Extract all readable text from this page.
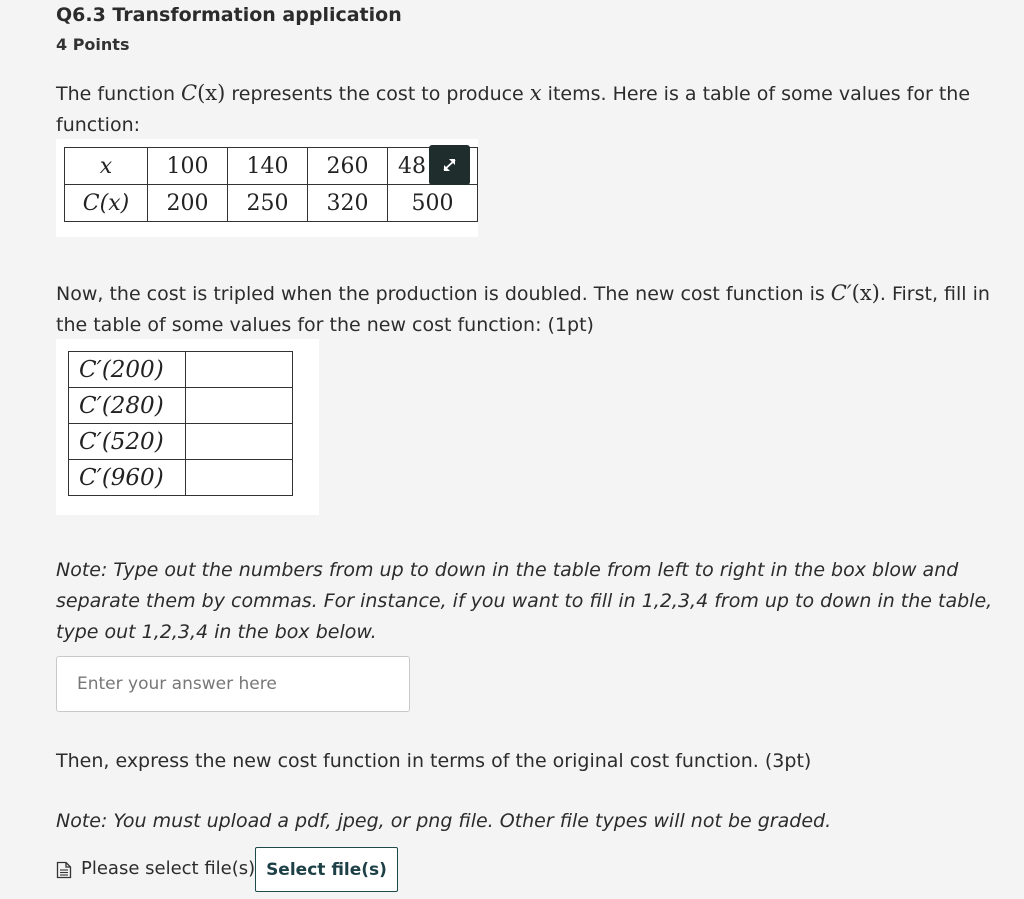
Q6.3 Transformation application
4 Points
The function C(x) represents the cost to produce x items. Here is a table of some values for the function:
x	100	140	260	48
C(x)	200	250	320	500
Now, the cost is tripled when the production is doubled. The new cost function is C′(x). First, fill in the table of some values for the new cost function: (1pt)
C′(200)	
C′(280)	
C′(520)	
C′(960)	
Note: Type out the numbers from up to down in the table from left to right in the box blow and separate them by commas. For instance, if you want to fill in 1,2,3,4 from up to down in the table, type out 1,2,3,4 in the box below.
Enter your answer here
Then, express the new cost function in terms of the original cost function. (3pt)
Note: You must upload a pdf, jpeg, or png file. Other file types will not be graded.
Please select file(s) Select file(s)
